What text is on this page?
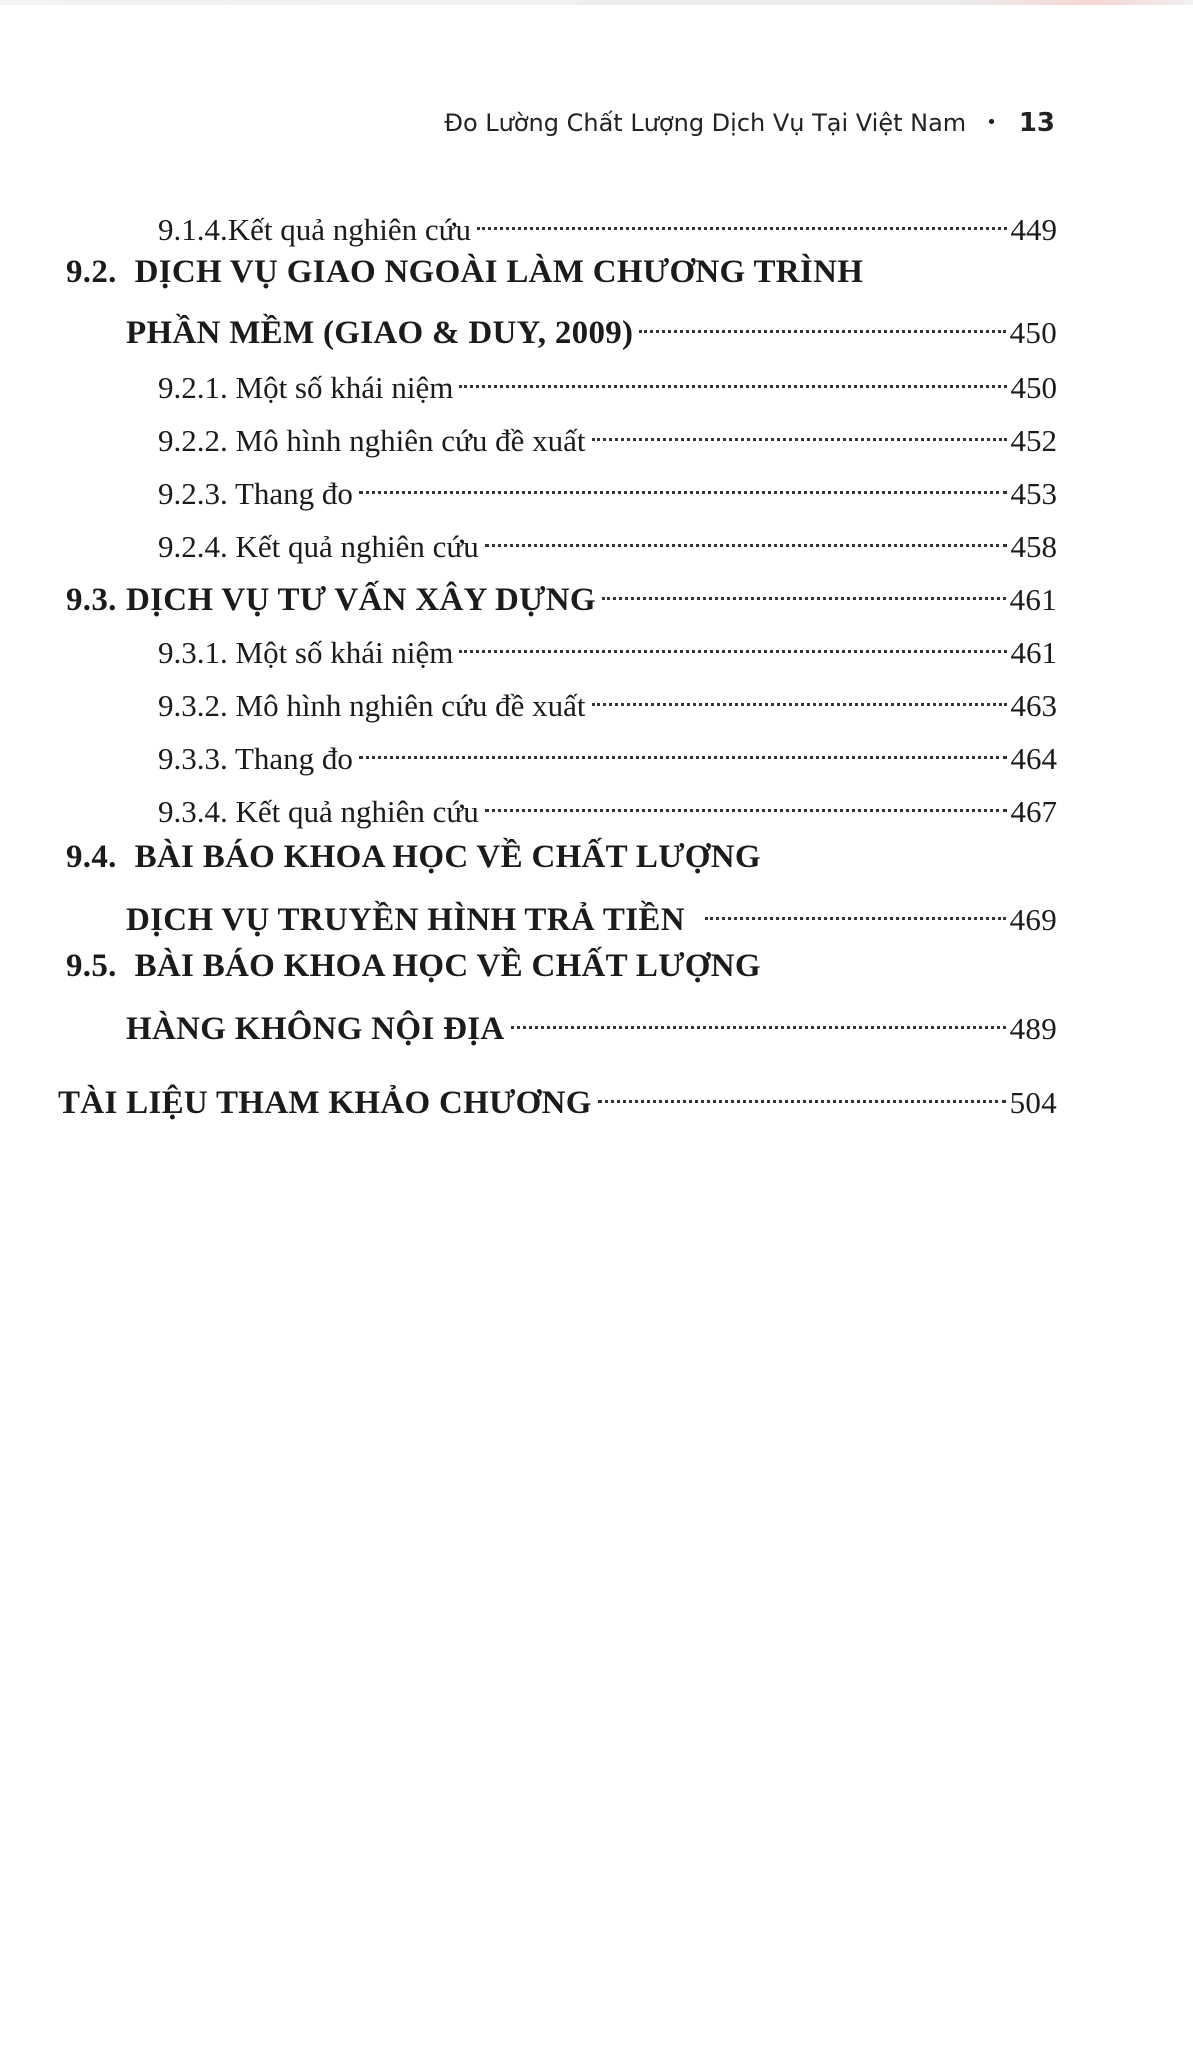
Đo Lường Chất Lượng Dịch Vụ Tại Việt Nam • 13
9.1.4.Kết quả nghiên cứu	449
9.2. DỊCH VỤ GIAO NGOÀI LÀM CHƯƠNG TRÌNH
PHẦN MỀM (GIAO & DUY, 2009)	450
9.2.1. Một số khái niệm	450
9.2.2. Mô hình nghiên cứu đề xuất	452
9.2.3. Thang đo	453
9.2.4. Kết quả nghiên cứu	458
9.3. DỊCH VỤ TƯ VẤN XÂY DỰNG	461
9.3.1. Một số khái niệm	461
9.3.2. Mô hình nghiên cứu đề xuất	463
9.3.3. Thang đo	464
9.3.4. Kết quả nghiên cứu	467
9.4. BÀI BÁO KHOA HỌC VỀ CHẤT LƯỢNG
DỊCH VỤ TRUYỀN HÌNH TRẢ TIỀN	469
9.5. BÀI BÁO KHOA HỌC VỀ CHẤT LƯỢNG
HÀNG KHÔNG NỘI ĐỊA	489
TÀI LIỆU THAM KHẢO CHƯƠNG	504
